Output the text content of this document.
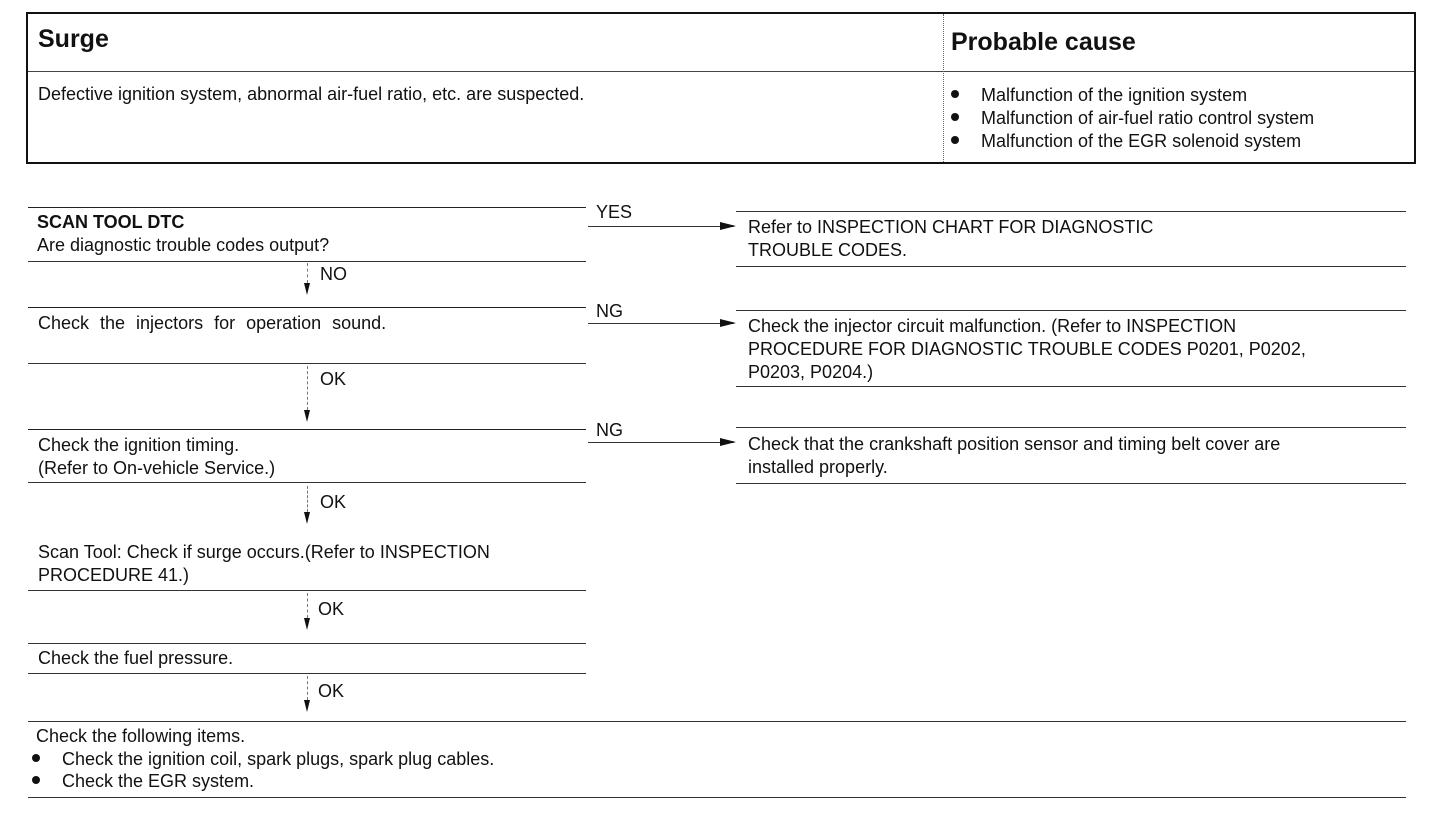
Surge
Defective ignition system, abnormal air-fuel ratio, etc. are suspected.
Probable cause
Malfunction of the ignition system
Malfunction of air-fuel ratio control system
Malfunction of the EGR solenoid system
SCAN TOOL DTC
Are diagnostic trouble codes output?
YES
Refer to INSPECTION CHART FOR DIAGNOSTIC
TROUBLE CODES.
NO
Check the injectors for operation sound.
NG
Check the injector circuit malfunction. (Refer to INSPECTION
PROCEDURE FOR DIAGNOSTIC TROUBLE CODES P0201, P0202,
P0203, P0204.)
OK
Check the ignition timing.
(Refer to On-vehicle Service.)
NG
Check that the crankshaft position sensor and timing belt cover are
installed properly.
OK
Scan Tool: Check if surge occurs.(Refer to INSPECTION
PROCEDURE 41.)
OK
Check the fuel pressure.
OK
Check the following items.
Check the ignition coil, spark plugs, spark plug cables.
Check the EGR system.
